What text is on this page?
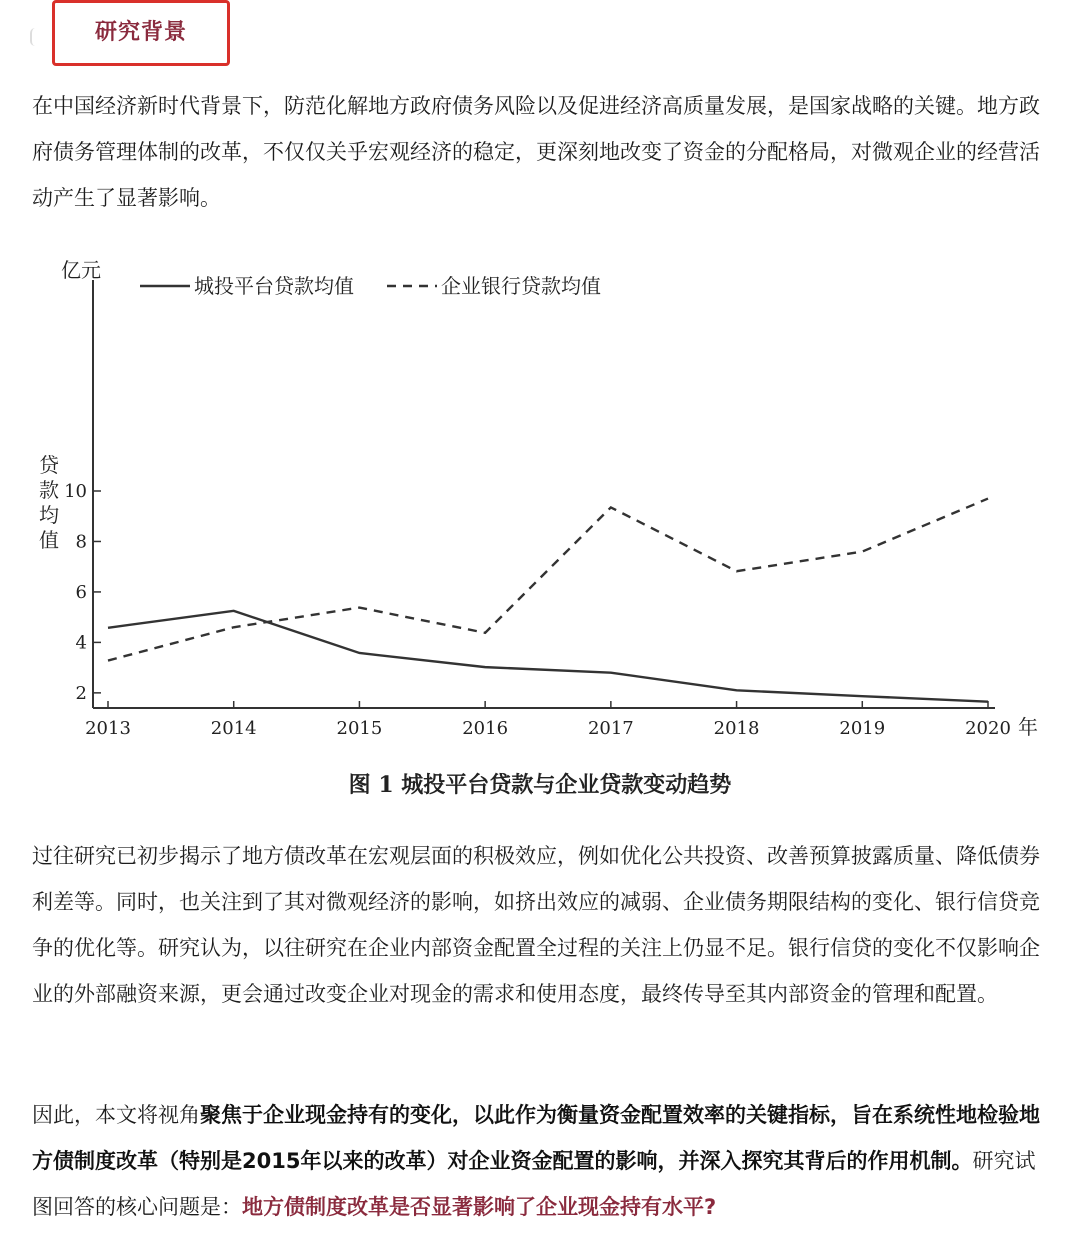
研究背景

在中国经济新时代背景下，防范化解地方政府债务风险以及促进经济高质量发展，是国家战略的关键。地方政府债务管理体制的改革，不仅仅关乎宏观经济的稳定，更深刻地改变了资金的分配格局，对微观企业的经营活动产生了显著影响。

2
4
6
8
10
2013	2014	2015	2016	2017	2018	2019	2020
亿元
年
贷
款
均
值
城投平台贷款均值	企业银行贷款均值
图 1 城投平台贷款与企业贷款变动趋势

过往研究已初步揭示了地方债改革在宏观层面的积极效应，例如优化公共投资、改善预算披露质量、降低债券利差等。同时，也关注到了其对微观经济的影响，如挤出效应的减弱、企业债务期限结构的变化、银行信贷竞争的优化等。研究认为，以往研究在企业内部资金配置全过程的关注上仍显不足。银行信贷的变化不仅影响企业的外部融资来源，更会通过改变企业对现金的需求和使用态度，最终传导至其内部资金的管理和配置。

因此，本文将视角聚焦于企业现金持有的变化，以此作为衡量资金配置效率的关键指标，旨在系统性地检验地方债制度改革（特别是2015年以来的改革）对企业资金配置的影响，并深入探究其背后的作用机制。研究试图回答的核心问题是：地方债制度改革是否显著影响了企业现金持有水平?
